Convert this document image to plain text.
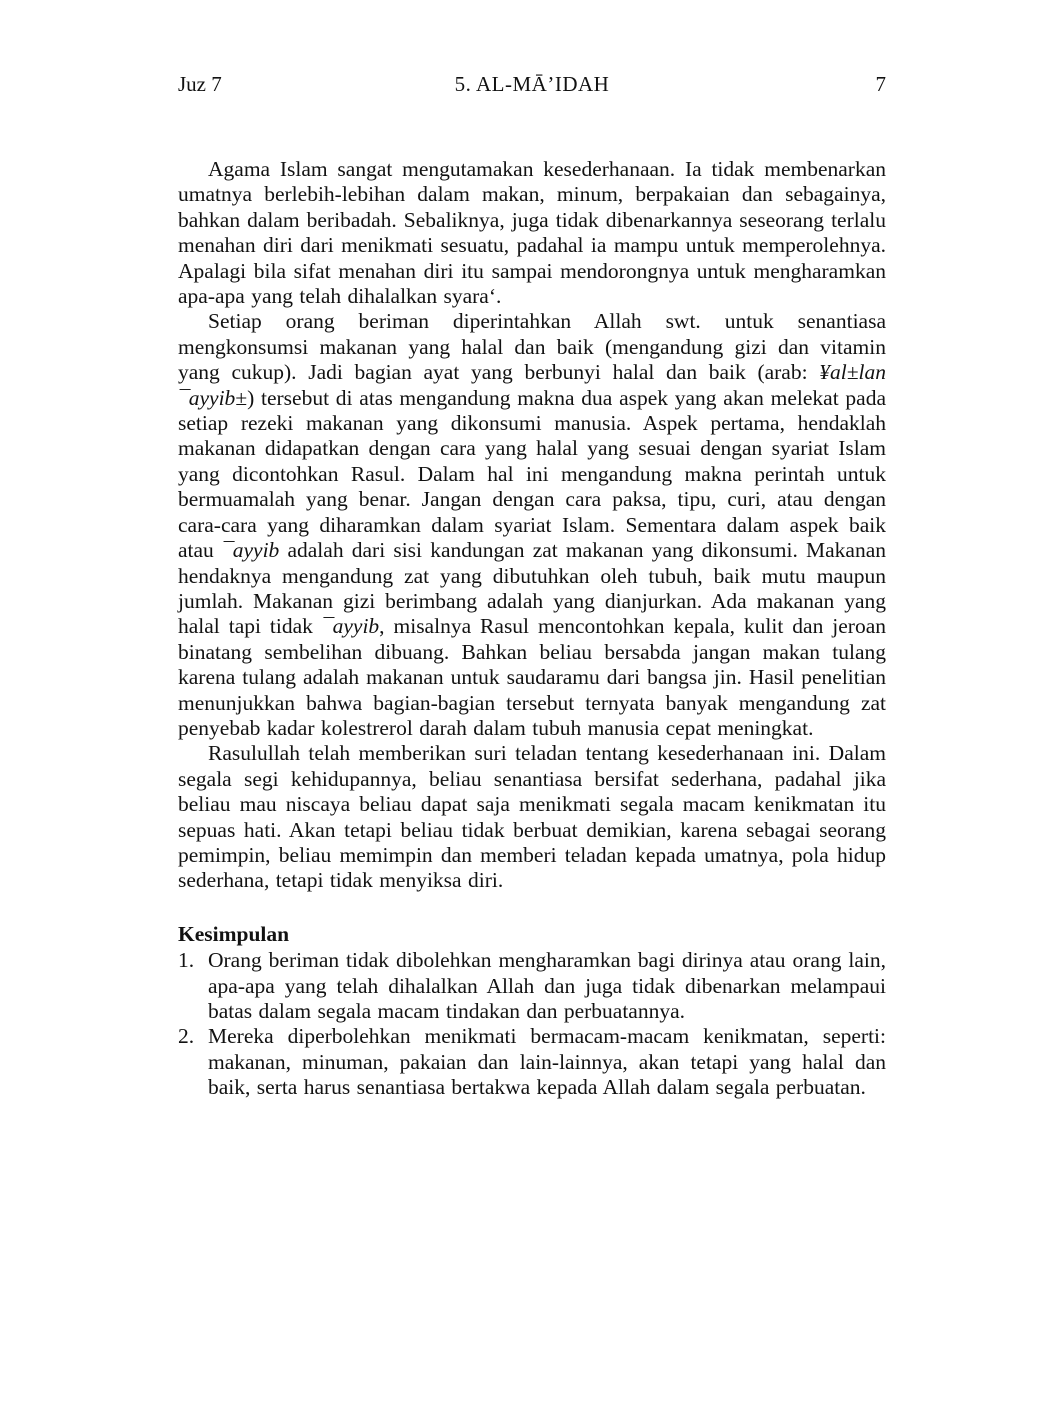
Juz 7	5. AL-MĀ’IDAH	7

Agama Islam sangat mengutamakan kesederhanaan. Ia tidak membenarkan umatnya berlebih-lebihan dalam makan, minum, berpakaian dan sebagainya, bahkan dalam beribadah. Sebaliknya, juga tidak dibenarkannya seseorang terlalu menahan diri dari menikmati sesuatu, padahal ia mampu untuk memperolehnya. Apalagi bila sifat menahan diri itu sampai mendorongnya untuk mengharamkan apa-apa yang telah dihalalkan syara‘.

Setiap orang beriman diperintahkan Allah swt. untuk senantiasa mengkonsumsi makanan yang halal dan baik (mengandung gizi dan vitamin yang cukup). Jadi bagian ayat yang berbunyi halal dan baik (arab: ¥al±lan ¯ayyib±) tersebut di atas mengandung makna dua aspek yang akan melekat pada setiap rezeki makanan yang dikonsumi manusia. Aspek pertama, hendaklah makanan didapatkan dengan cara yang halal yang sesuai dengan syariat Islam yang dicontohkan Rasul. Dalam hal ini mengandung makna perintah untuk bermuamalah yang benar. Jangan dengan cara paksa, tipu, curi, atau dengan cara-cara yang diharamkan dalam syariat Islam. Sementara dalam aspek baik atau ¯ayyib adalah dari sisi kandungan zat makanan yang dikonsumi. Makanan hendaknya mengandung zat yang dibutuhkan oleh tubuh, baik mutu maupun jumlah. Makanan gizi berimbang adalah yang dianjurkan. Ada makanan yang halal tapi tidak ¯ayyib, misalnya Rasul mencontohkan kepala, kulit dan jeroan binatang sembelihan dibuang. Bahkan beliau bersabda jangan makan tulang karena tulang adalah makanan untuk saudaramu dari bangsa jin. Hasil penelitian menunjukkan bahwa bagian-bagian tersebut ternyata banyak mengandung zat penyebab kadar kolestrerol darah dalam tubuh manusia cepat meningkat.

Rasulullah telah memberikan suri teladan tentang kesederhanaan ini. Dalam segala segi kehidupannya, beliau senantiasa bersifat sederhana, padahal jika beliau mau niscaya beliau dapat saja menikmati segala macam kenikmatan itu sepuas hati. Akan tetapi beliau tidak berbuat demikian, karena sebagai seorang pemimpin, beliau memimpin dan memberi teladan kepada umatnya, pola hidup sederhana, tetapi tidak menyiksa diri.

Kesimpulan
1. Orang beriman tidak dibolehkan mengharamkan bagi dirinya atau orang lain, apa-apa yang telah dihalalkan Allah dan juga tidak dibenarkan melampaui batas dalam segala macam tindakan dan perbuatannya.
2. Mereka diperbolehkan menikmati bermacam-macam kenikmatan, seperti: makanan, minuman, pakaian dan lain-lainnya, akan tetapi yang halal dan baik, serta harus senantiasa bertakwa kepada Allah dalam segala perbuatan.
